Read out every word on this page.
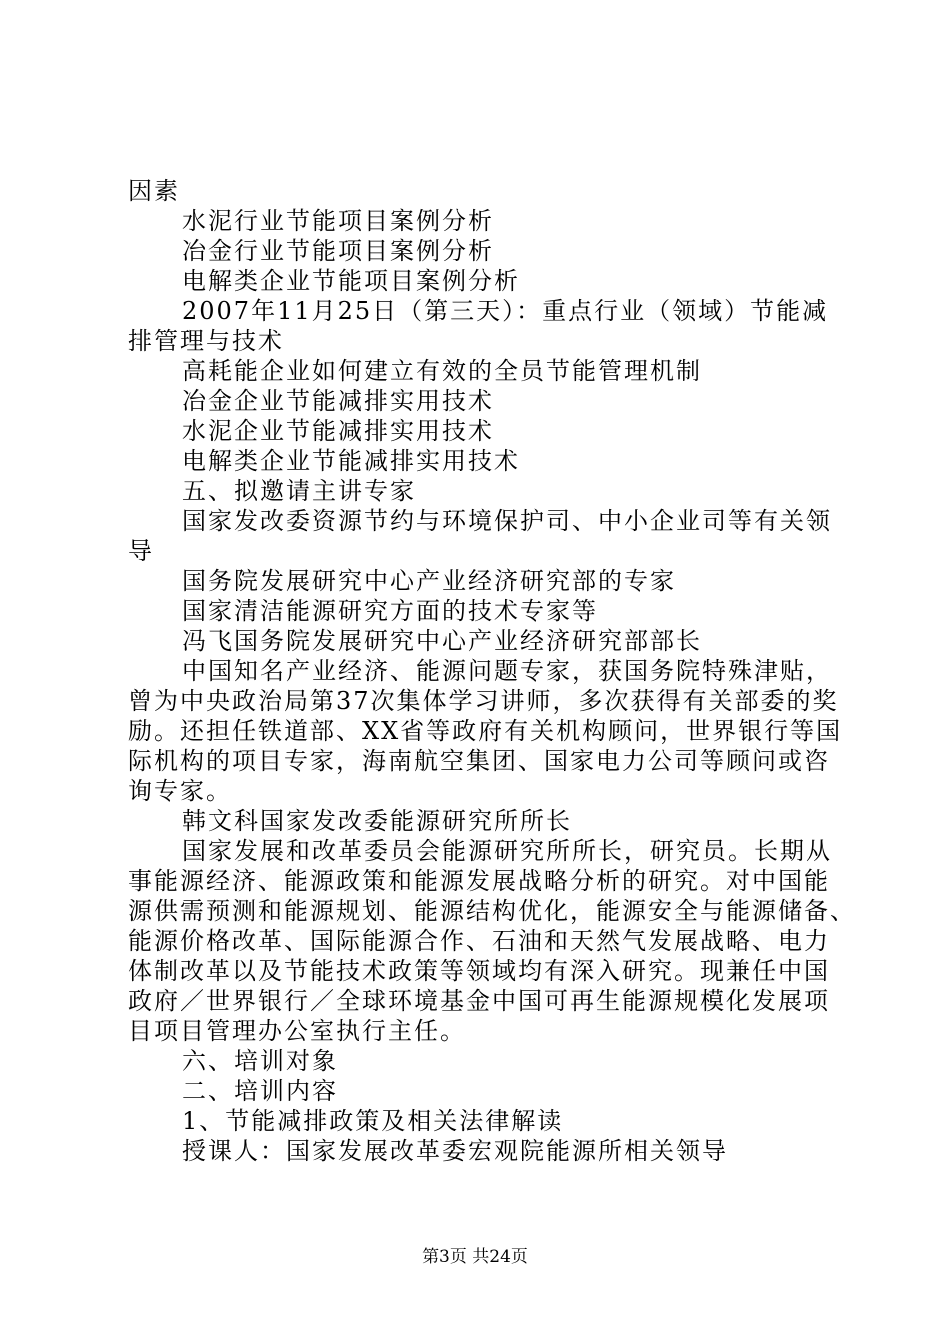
因素
水泥行业节能项目案例分析
冶金行业节能项目案例分析
电解类企业节能项目案例分析
2007年11月25日（第三天）：重点行业（领域）节能减
排管理与技术
高耗能企业如何建立有效的全员节能管理机制
冶金企业节能减排实用技术
水泥企业节能减排实用技术
电解类企业节能减排实用技术
五、拟邀请主讲专家
国家发改委资源节约与环境保护司、中小企业司等有关领
导
国务院发展研究中心产业经济研究部的专家
国家清洁能源研究方面的技术专家等
冯飞国务院发展研究中心产业经济研究部部长
中国知名产业经济、能源问题专家，获国务院特殊津贴，
曾为中央政治局第37次集体学习讲师，多次获得有关部委的奖
励。还担任铁道部、XX省等政府有关机构顾问，世界银行等国
际机构的项目专家，海南航空集团、国家电力公司等顾问或咨
询专家。
韩文科国家发改委能源研究所所长
国家发展和改革委员会能源研究所所长，研究员。长期从
事能源经济、能源政策和能源发展战略分析的研究。对中国能
源供需预测和能源规划、能源结构优化，能源安全与能源储备、
能源价格改革、国际能源合作、石油和天然气发展战略、电力
体制改革以及节能技术政策等领域均有深入研究。现兼任中国
政府／世界银行／全球环境基金中国可再生能源规模化发展项
目项目管理办公室执行主任。
六、培训对象
二、培训内容
1、节能减排政策及相关法律解读
授课人：国家发展改革委宏观院能源所相关领导
第3页 共24页
